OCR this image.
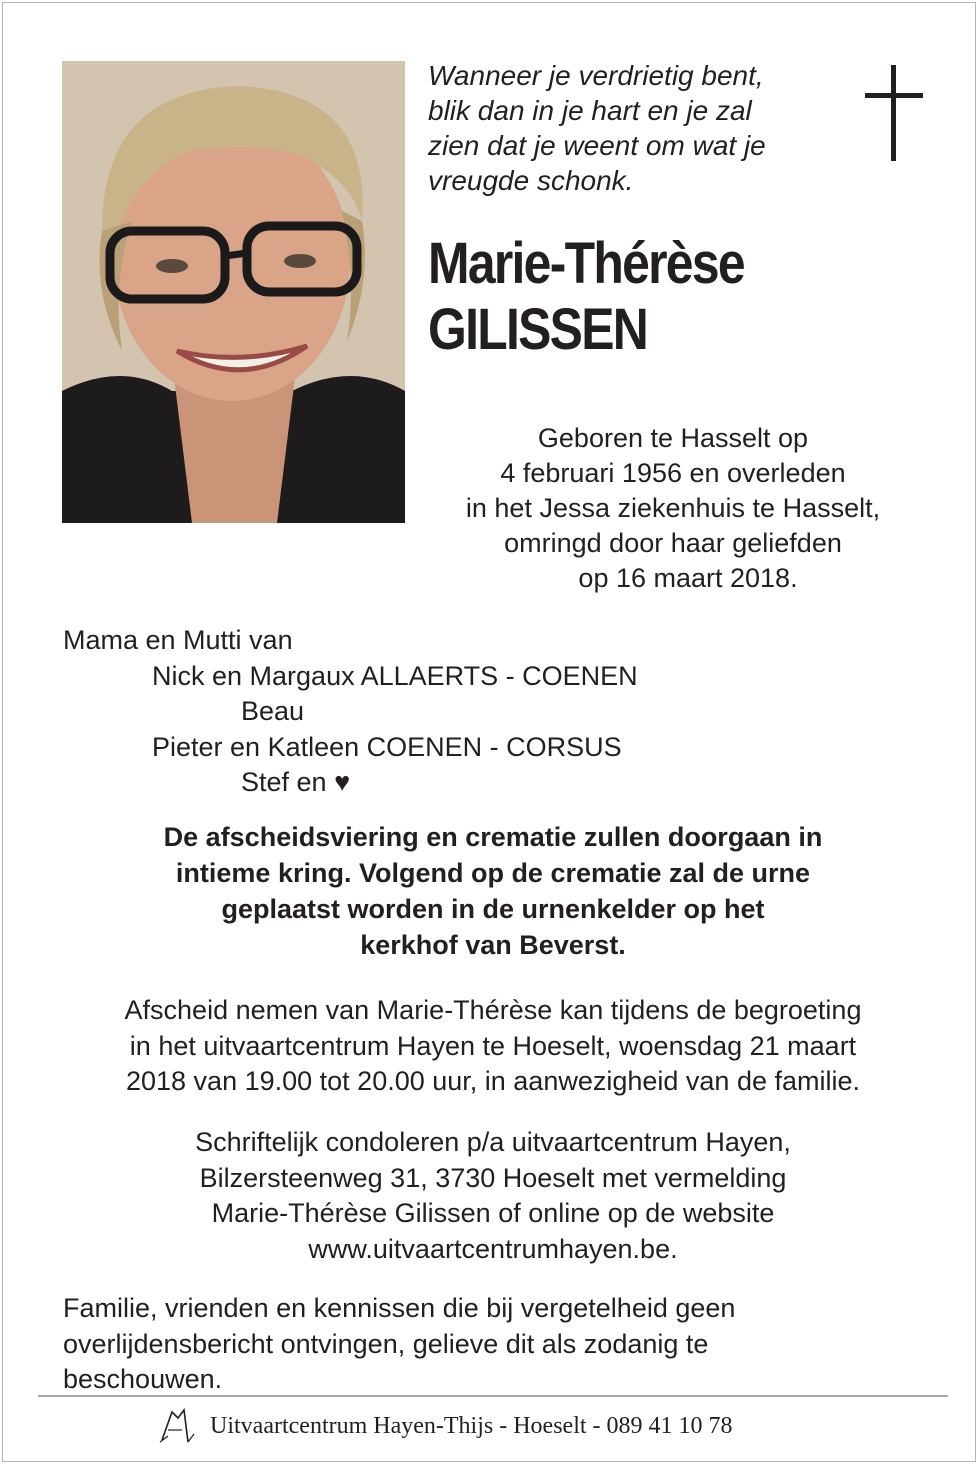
Wanneer je verdrietig bent,
blik dan in je hart en je zal
zien dat je weent om wat je
vreugde schonk.
Marie-Thérèse
GILISSEN
Geboren te Hasselt op
4 februari 1956 en overleden
in het Jessa ziekenhuis te Hasselt,
omringd door haar geliefden
op 16 maart 2018.
Mama en Mutti van
Nick en Margaux ALLAERTS - COENEN
Beau
Pieter en Katleen COENEN - CORSUS
Stef en ♥
De afscheidsviering en crematie zullen doorgaan in
intieme kring. Volgend op de crematie zal de urne
geplaatst worden in de urnenkelder op het
kerkhof van Beverst.
Afscheid nemen van Marie-Thérèse kan tijdens de begroeting
in het uitvaartcentrum Hayen te Hoeselt, woensdag 21 maart
2018 van 19.00 tot 20.00 uur, in aanwezigheid van de familie.
Schriftelijk condoleren p/a uitvaartcentrum Hayen,
Bilzersteenweg 31, 3730 Hoeselt met vermelding
Marie-Thérèse Gilissen of online op de website
www.uitvaartcentrumhayen.be.
Familie, vrienden en kennissen die bij vergetelheid geen
overlijdensbericht ontvingen, gelieve dit als zodanig te
beschouwen.
Uitvaartcentrum Hayen-Thijs - Hoeselt - 089 41 10 78
